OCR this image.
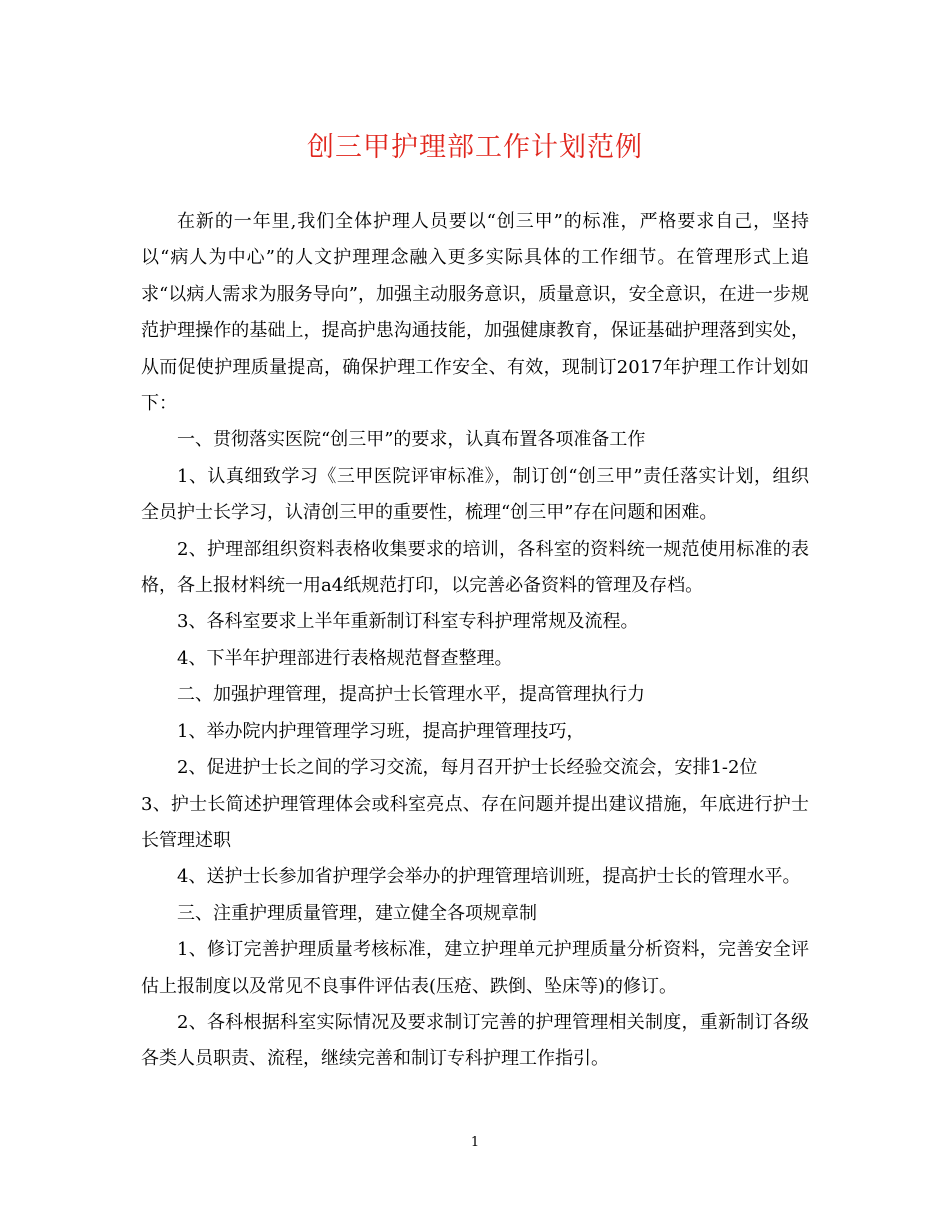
创三甲护理部工作计划范例

在新的一年里,我们全体护理人员要以“创三甲”的标准，严格要求自己，坚持以“病人为中心”的人文护理理念融入更多实际具体的工作细节。在管理形式上追求“以病人需求为服务导向”，加强主动服务意识，质量意识，安全意识，在进一步规范护理操作的基础上，提高护患沟通技能，加强健康教育，保证基础护理落到实处，从而促使护理质量提高，确保护理工作安全、有效，现制订2017年护理工作计划如下：

一、贯彻落实医院“创三甲”的要求，认真布置各项准备工作

1、认真细致学习《三甲医院评审标准》，制订创“创三甲”责任落实计划，组织全员护士长学习，认清创三甲的重要性，梳理“创三甲”存在问题和困难。

2、护理部组织资料表格收集要求的培训，各科室的资料统一规范使用标准的表格，各上报材料统一用a4纸规范打印，以完善必备资料的管理及存档。

3、各科室要求上半年重新制订科室专科护理常规及流程。

4、下半年护理部进行表格规范督查整理。

二、加强护理管理，提高护士长管理水平，提高管理执行力

1、举办院内护理管理学习班，提高护理管理技巧，

2、促进护士长之间的学习交流，每月召开护士长经验交流会，安排1-2位

3、护士长简述护理管理体会或科室亮点、存在问题并提出建议措施，年底进行护士长管理述职

4、送护士长参加省护理学会举办的护理管理培训班，提高护士长的管理水平。

三、注重护理质量管理，建立健全各项规章制

1、修订完善护理质量考核标准，建立护理单元护理质量分析资料，完善安全评估上报制度以及常见不良事件评估表(压疮、跌倒、坠床等)的修订。

2、各科根据科室实际情况及要求制订完善的护理管理相关制度，重新制订各级各类人员职责、流程，继续完善和制订专科护理工作指引。

1
